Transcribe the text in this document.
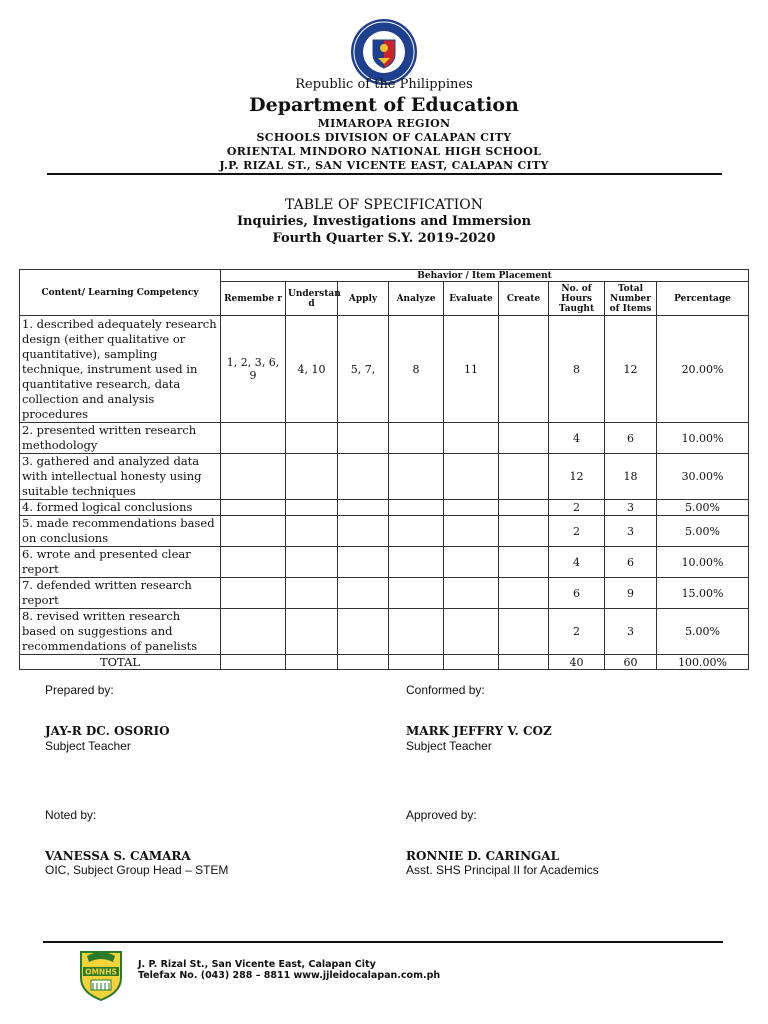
Republic of the Philippines
Department of Education
MIMAROPA REGION
SCHOOLS DIVISION OF CALAPAN CITY
ORIENTAL MINDORO NATIONAL HIGH SCHOOL
J.P. RIZAL ST., SAN VICENTE EAST, CALAPAN CITY
TABLE OF SPECIFICATION
Inquiries, Investigations and Immersion
Fourth Quarter S.Y. 2019-2020
Content/ Learning Competency	Behavior / Item Placement								
	Remembe r	Understan d	Apply	Analyze	Evaluate	Create	No. of Hours Taught	Total Number of Items	Percentage
1. described adequately research design (either qualitative or quantitative), sampling technique, instrument used in quantitative research, data collection and analysis procedures	1, 2, 3, 6, 9	4, 10	5, 7,	8	11		8	12	20.00%
2. presented written research methodology							4	6	10.00%
3. gathered and analyzed data with intellectual honesty using suitable techniques							12	18	30.00%
4. formed logical conclusions							2	3	5.00%
5. made recommendations based on conclusions							2	3	5.00%
6. wrote and presented clear report							4	6	10.00%
7. defended written research report							6	9	15.00%
8. revised written research based on suggestions and recommendations of panelists							2	3	5.00%
TOTAL							40	60	100.00%
Prepared by:
JAY-R DC. OSORIO
Subject Teacher
Conformed by:
MARK JEFFRY V. COZ
Subject Teacher
Noted by:
VANESSA S. CAMARA
OIC, Subject Group Head – STEM
Approved by:
RONNIE D. CARINGAL
Asst. SHS Principal II for Academics
OMNHS
J. P. Rizal St., San Vicente East, Calapan City
Telefax No. (043) 288 – 8811 www.jjleidocalapan.com.ph
